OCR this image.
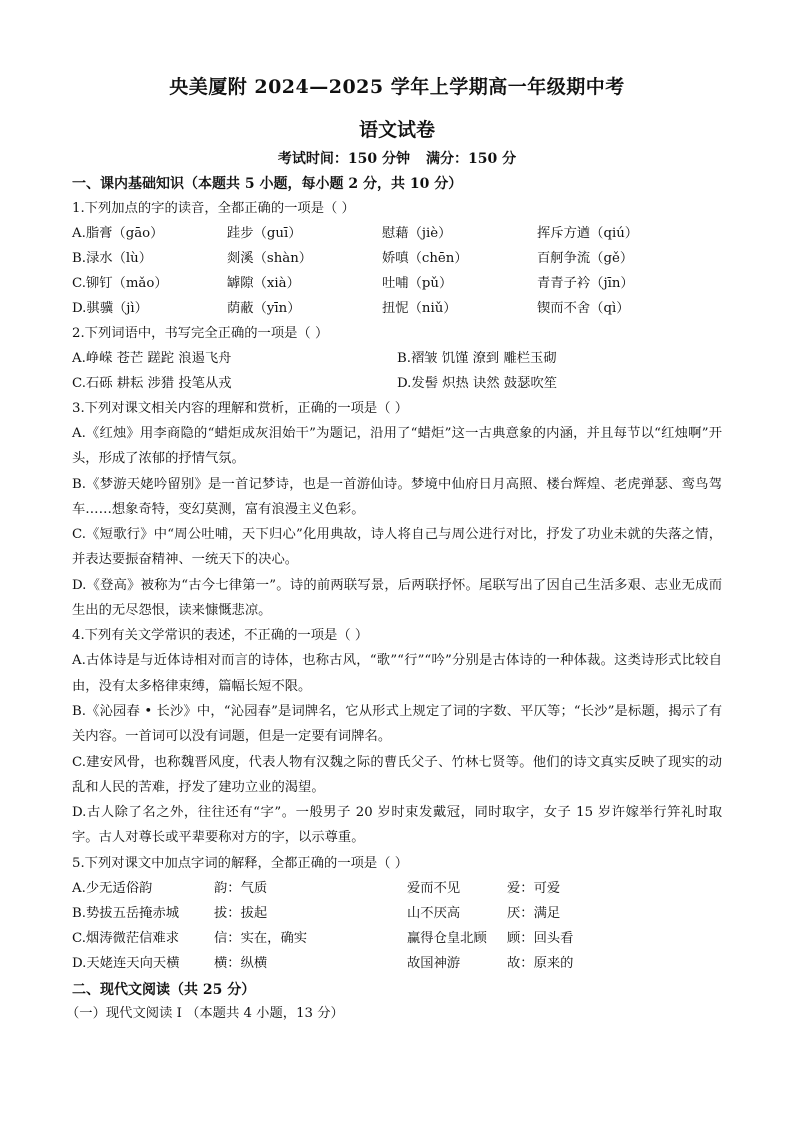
央美厦附 2024—2025 学年上学期高一年级期中考
语文试卷
考试时间：150 分钟 满分：150 分
一、课内基础知识（本题共 5 小题，每小题 2 分，共 10 分）
1.下列加点的字的读音，全都正确的一项是（ ）
A.脂膏（gāo）	跬步（guī）	慰藉（jiè）	挥斥方遒（qiú）
B.渌水（lù）	剡溪（shàn）	娇嗔（chēn）	百舸争流（gě）
C.铆钉（mǎo）	罅隙（xià）	吐哺（pǔ）	青青子衿（jīn）
D.骐骥（jì）	荫蔽（yīn）	扭怩（niǔ）	锲而不舍（qì）
2.下列词语中，书写完全正确的一项是（ ）
A.峥嵘 苍芒 蹉跎 浪遏飞舟	B.褶皱 饥馑 潦到 雕栏玉砌
C.石砾 耕耘 涉猎 投笔从戎	D.发髻 炽热 诀然 鼓瑟吹笙
3.下列对课文相关内容的理解和赏析，正确的一项是（ ）
A.《红烛》用李商隐的“蜡炬成灰泪始干”为题记，沿用了“蜡炬”这一古典意象的内涵，并且每节以“红烛啊”开头，形成了浓郁的抒情气氛。
B.《梦游天姥吟留别》是一首记梦诗，也是一首游仙诗。梦境中仙府日月高照、楼台辉煌、老虎弹瑟、鸾鸟驾车……想象奇特，变幻莫测，富有浪漫主义色彩。
C.《短歌行》中“周公吐哺，天下归心”化用典故，诗人将自己与周公进行对比，抒发了功业未就的失落之情，并表达要振奋精神、一统天下的决心。
D.《登高》被称为“古今七律第一”。诗的前两联写景，后两联抒怀。尾联写出了因自己生活多艰、志业无成而生出的无尽怨恨，读来慷慨悲凉。
4.下列有关文学常识的表述，不正确的一项是（ ）
A.古体诗是与近体诗相对而言的诗体，也称古风，“歌”“行”“吟”分别是古体诗的一种体裁。这类诗形式比较自由，没有太多格律束缚，篇幅长短不限。
B.《沁园春 • 长沙》中，“沁园春”是词牌名，它从形式上规定了词的字数、平仄等；“长沙”是标题，揭示了有关内容。一首词可以没有词题，但是一定要有词牌名。
C.建安风骨，也称魏晋风度，代表人物有汉魏之际的曹氏父子、竹林七贤等。他们的诗文真实反映了现实的动乱和人民的苦难，抒发了建功立业的渴望。
D.古人除了名之外，往往还有“字”。一般男子 20 岁时束发戴冠，同时取字，女子 15 岁许嫁举行笄礼时取字。古人对尊长或平辈要称对方的字，以示尊重。
5.下列对课文中加点字词的解释，全都正确的一项是（ ）
A.少无适俗韵	韵：气质	爱而不见	爱：可爱
B.势拔五岳掩赤城	拔：拔起	山不厌高	厌：满足
C.烟涛微茫信难求	信：实在，确实	赢得仓皇北顾	顾：回头看
D.天姥连天向天横	横：纵横	故国神游	故：原来的
二、现代文阅读（共 25 分）
（一）现代文阅读 I （本题共 4 小题，13 分）
